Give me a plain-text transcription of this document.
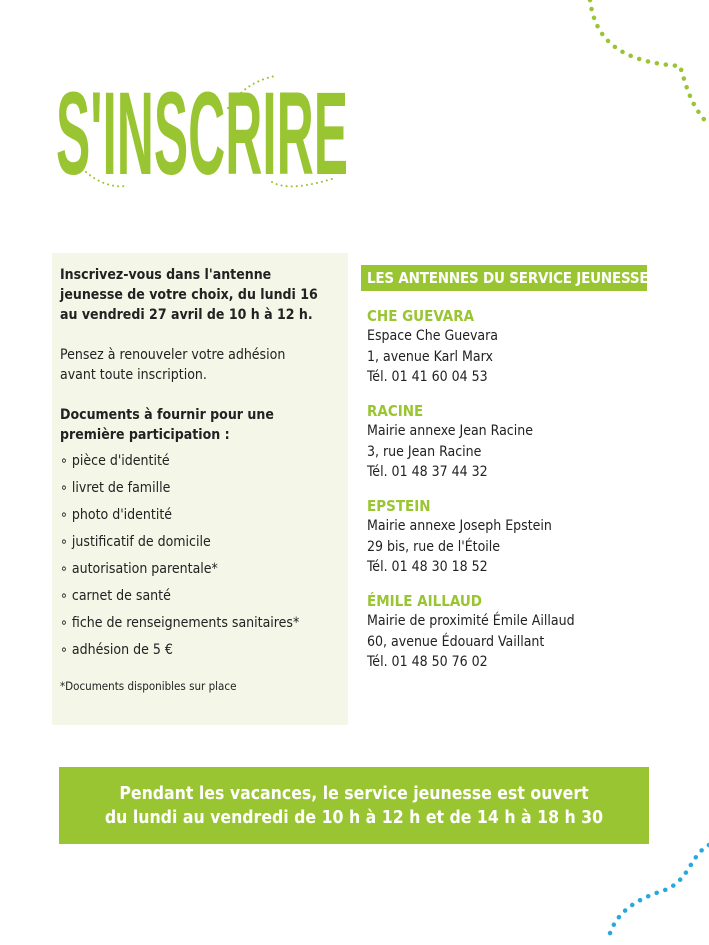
S'INSCRIRE

Inscrivez-vous dans l'antenne jeunesse de votre choix, du lundi 16 au vendredi 27 avril de 10 h à 12 h.

Pensez à renouveler votre adhésion avant toute inscription.

Documents à fournir pour une première participation :

∘ pièce d'identité
∘ livret de famille
∘ photo d'identité
∘ justificatif de domicile
∘ autorisation parentale*
∘ carnet de santé
∘ fiche de renseignements sanitaires*
∘ adhésion de 5 €

*Documents disponibles sur place

LES ANTENNES DU SERVICE JEUNESSE
CHE GUEVARA
Espace Che Guevara
1, avenue Karl Marx
Tél. 01 41 60 04 53
RACINE
Mairie annexe Jean Racine
3, rue Jean Racine
Tél. 01 48 37 44 32
EPSTEIN
Mairie annexe Joseph Epstein
29 bis, rue de l'Étoile
Tél. 01 48 30 18 52
ÉMILE AILLAUD
Mairie de proximité Émile Aillaud
60, avenue Édouard Vaillant
Tél. 01 48 50 76 02
Pendant les vacances, le service jeunesse est ouvert
du lundi au vendredi de 10 h à 12 h et de 14 h à 18 h 30
